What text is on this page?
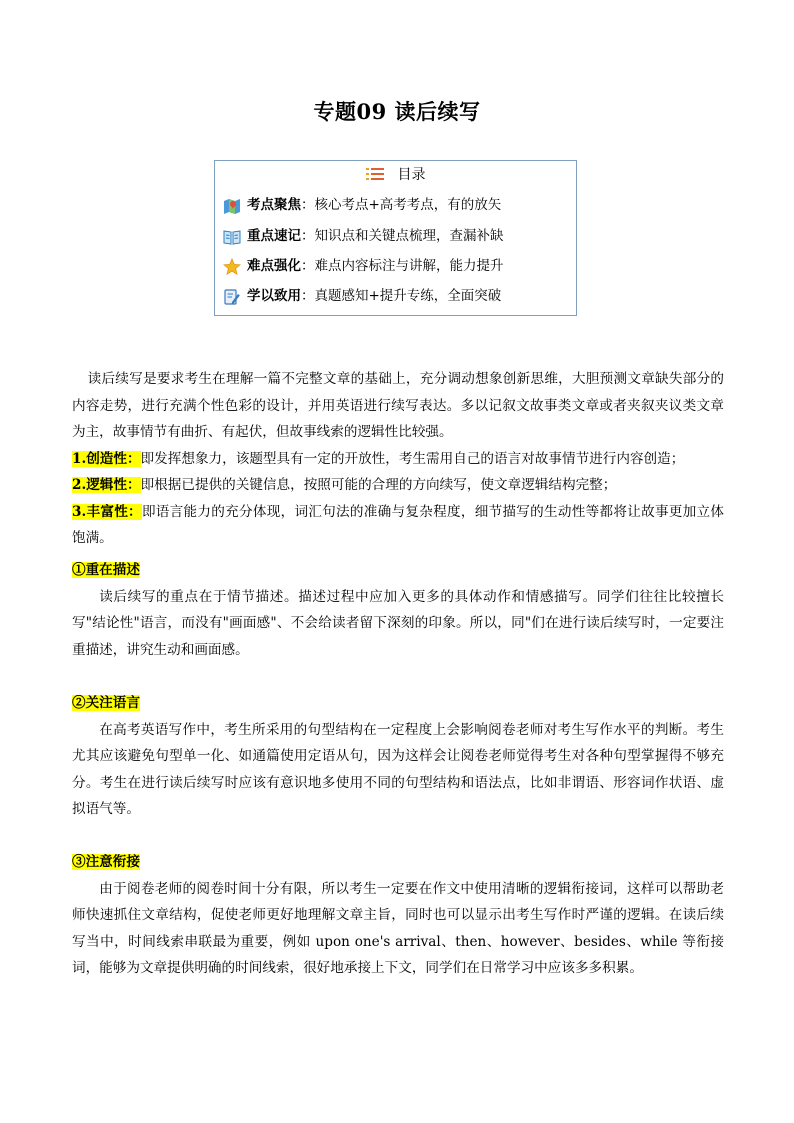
专题09 读后续写
目录
考点聚焦：核心考点+高考考点，有的放矢
重点速记：知识点和关键点梳理，查漏补缺
难点强化：难点内容标注与讲解，能力提升
学以致用：真题感知+提升专练，全面突破

读后续写是要求考生在理解一篇不完整文章的基础上，充分调动想象创新思维，大胆预测文章缺失部分的内容走势，进行充满个性色彩的设计，并用英语进行续写表达。多以记叙文故事类文章或者夹叙夹议类文章为主，故事情节有曲折、有起伏，但故事线索的逻辑性比较强。

1.创造性：即发挥想象力，该题型具有一定的开放性，考生需用自己的语言对故事情节进行内容创造；

2.逻辑性：即根据已提供的关键信息，按照可能的合理的方向续写，使文章逻辑结构完整；

3.丰富性：即语言能力的充分体现，词汇句法的准确与复杂程度，细节描写的生动性等都将让故事更加立体饱满。

①重在描述

读后续写的重点在于情节描述。描述过程中应加入更多的具体动作和情感描写。同学们往往比较擅长写"结论性"语言，而没有"画面感"、不会给读者留下深刻的印象。所以，同"们在进行读后续写时，一定要注重描述，讲究生动和画面感。

②关注语言

在高考英语写作中，考生所采用的句型结构在一定程度上会影响阅卷老师对考生写作水平的判断。考生尤其应该避免句型单一化、如通篇使用定语从句，因为这样会让阅卷老师觉得考生对各种句型掌握得不够充分。考生在进行读后续写时应该有意识地多使用不同的句型结构和语法点，比如非谓语、形容词作状语、虚拟语气等。

③注意衔接

由于阅卷老师的阅卷时间十分有限，所以考生一定要在作文中使用清晰的逻辑衔接词，这样可以帮助老师快速抓住文章结构，促使老师更好地理解文章主旨，同时也可以显示出考生写作时严谨的逻辑。在读后续写当中，时间线索串联最为重要，例如 upon one's arrival、then、however、besides、while 等衔接词，能够为文章提供明确的时间线索，很好地承接上下文，同学们在日常学习中应该多多积累。
